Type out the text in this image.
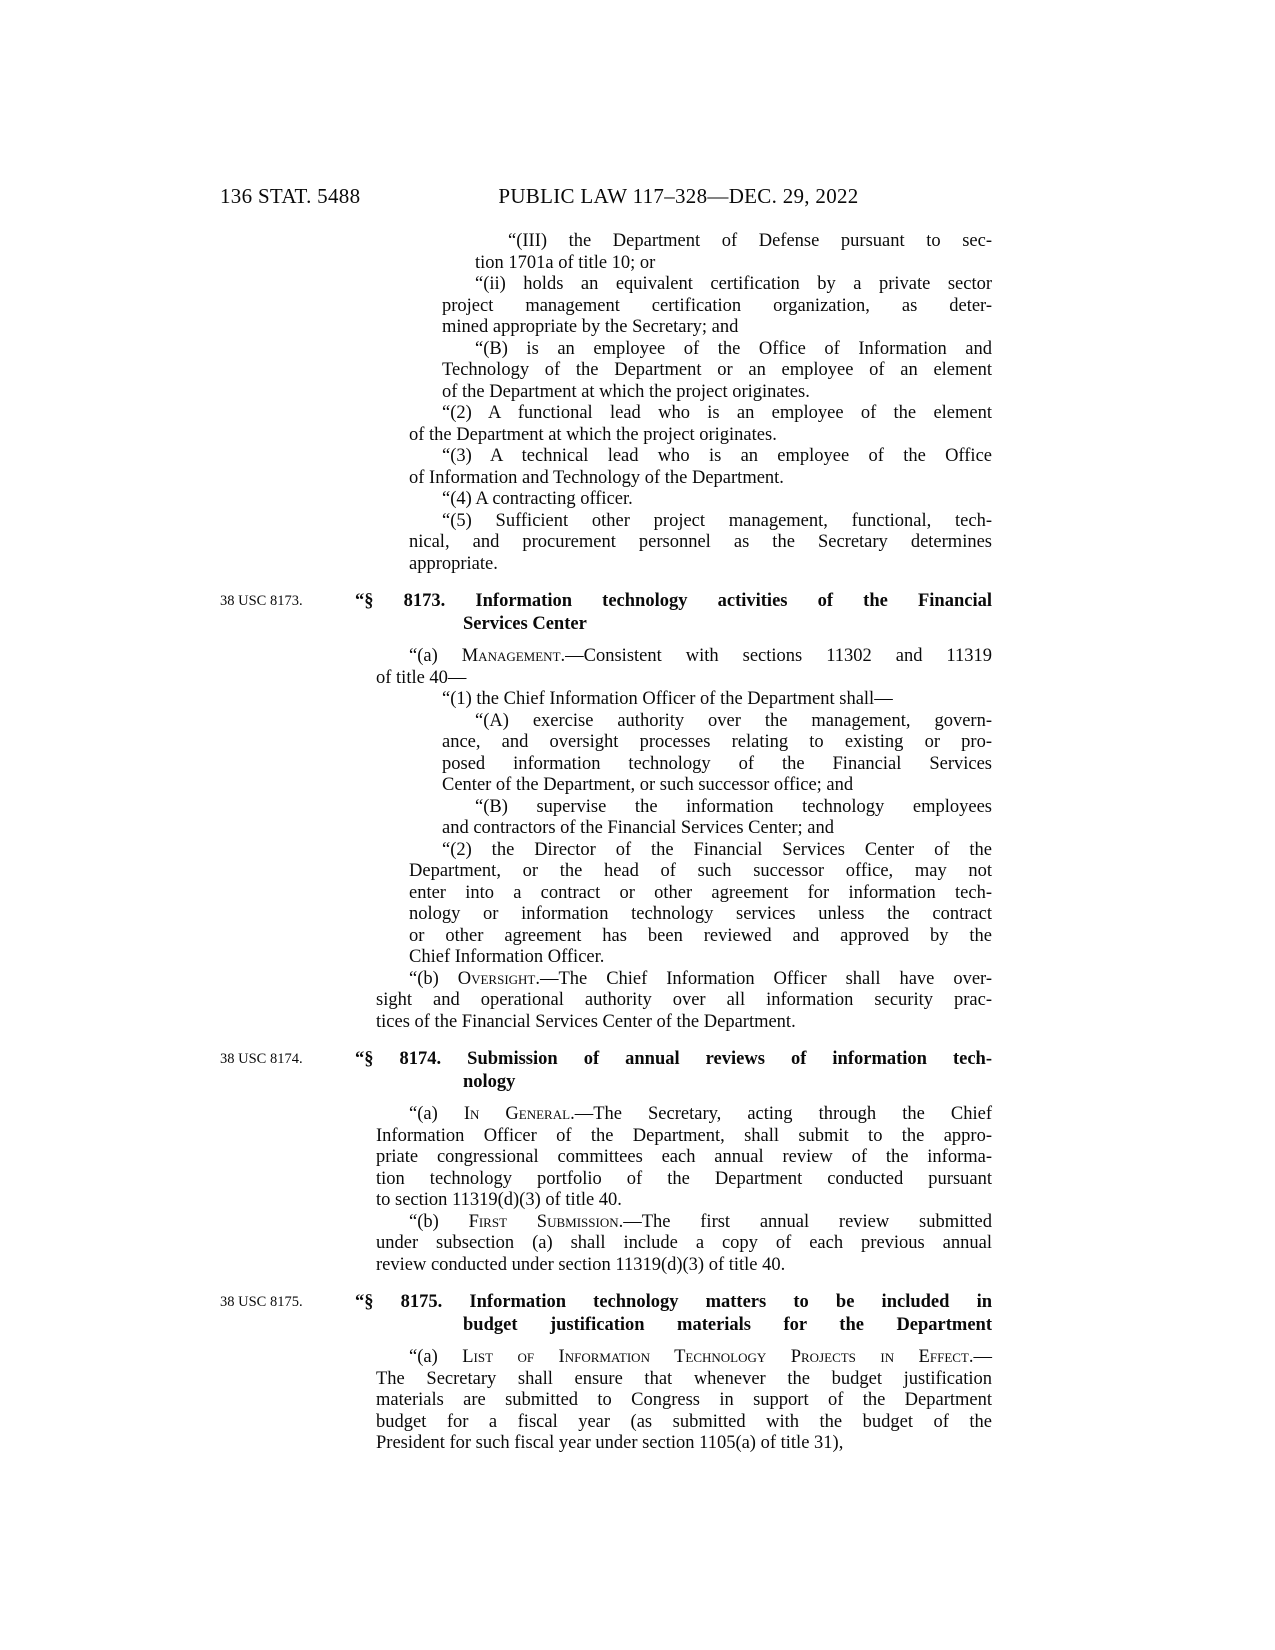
136 STAT. 5488	PUBLIC LAW 117–328—DEC. 29, 2022
“(III) the Department of Defense pursuant to sec-
tion 1701a of title 10; or
“(ii) holds an equivalent certification by a private sector
project management certification organization, as deter-
mined appropriate by the Secretary; and
“(B) is an employee of the Office of Information and
Technology of the Department or an employee of an element
of the Department at which the project originates.
“(2) A functional lead who is an employee of the element
of the Department at which the project originates.
“(3) A technical lead who is an employee of the Office
of Information and Technology of the Department.
“(4) A contracting officer.
“(5) Sufficient other project management, functional, tech-
nical, and procurement personnel as the Secretary determines
appropriate.
38 USC 8173.	“§ 8173. Information technology activities of the Financial
Services Center
“(a) Management.—Consistent with sections 11302 and 11319
of title 40—
“(1) the Chief Information Officer of the Department shall—
“(A) exercise authority over the management, govern-
ance, and oversight processes relating to existing or pro-
posed information technology of the Financial Services
Center of the Department, or such successor office; and
“(B) supervise the information technology employees
and contractors of the Financial Services Center; and
“(2) the Director of the Financial Services Center of the
Department, or the head of such successor office, may not
enter into a contract or other agreement for information tech-
nology or information technology services unless the contract
or other agreement has been reviewed and approved by the
Chief Information Officer.
“(b) Oversight.—The Chief Information Officer shall have over-
sight and operational authority over all information security prac-
tices of the Financial Services Center of the Department.
38 USC 8174.	“§ 8174. Submission of annual reviews of information tech-
nology
“(a) In General.—The Secretary, acting through the Chief
Information Officer of the Department, shall submit to the appro-
priate congressional committees each annual review of the informa-
tion technology portfolio of the Department conducted pursuant
to section 11319(d)(3) of title 40.
“(b) First Submission.—The first annual review submitted
under subsection (a) shall include a copy of each previous annual
review conducted under section 11319(d)(3) of title 40.
38 USC 8175.	“§ 8175. Information technology matters to be included in
budget justification materials for the Department
“(a) List of Information Technology Projects in Effect.—
The Secretary shall ensure that whenever the budget justification
materials are submitted to Congress in support of the Department
budget for a fiscal year (as submitted with the budget of the
President for such fiscal year under section 1105(a) of title 31),
